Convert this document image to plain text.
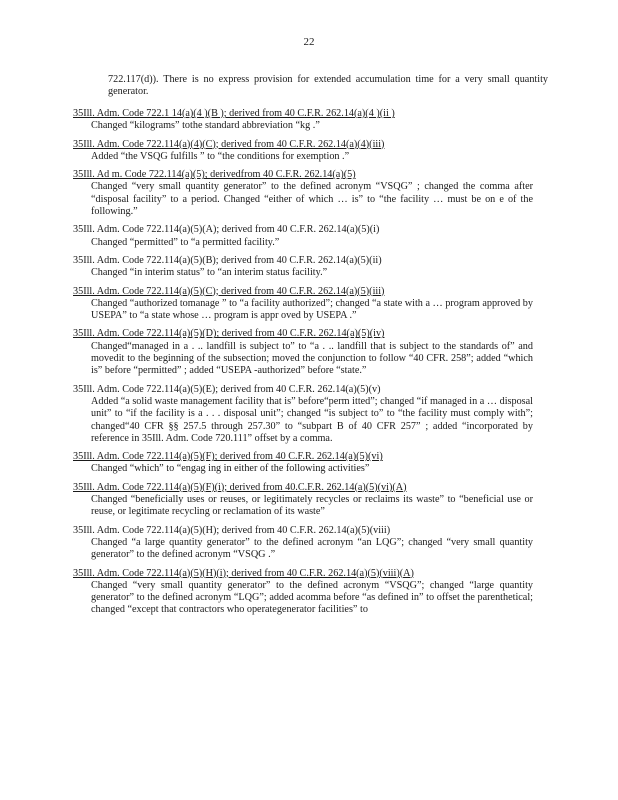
22
722.117(d)). There is no express provision for extended accumulation time for a very small quantity generator.
35Ill. Adm. Code 722.1 14(a)(4 )(B ); derived from 40 C.F.R. 262.14(a)(4 )(ii )
Changed “kilograms” tothe standard abbreviation “kg .”
35Ill. Adm. Code 722.114(a)(4)(C); derived from 40 C.F.R. 262.14(a)(4)(iii)
Added “the VSQG fulfills ” to “the conditions for exemption .”
35Ill. Ad m. Code 722.114(a)(5); derivedfrom 40 C.F.R. 262.14(a)(5)
Changed “very small quantity generator” to the defined acronym “VSQG” ; changed the comma after “disposal facility” to a period. Changed “either of which … is” to “the facility … must be on e of the following.”
35Ill. Adm. Code 722.114(a)(5)(A); derived from 40 C.F.R. 262.14(a)(5)(i)
Changed “permitted” to “a permitted facility.”
35Ill. Adm. Code 722.114(a)(5)(B); derived from 40 C.F.R. 262.14(a)(5)(ii)
Changed “in interim status” to “an interim status facility.”
35Ill. Adm. Code 722.114(a)(5)(C); derived from 40 C.F.R. 262.14(a)(5)(iii)
Changed “authorized tomanage ” to “a facility authorized”; changed “a state with a … program approved by USEPA” to “a state whose … program is appr oved by USEPA .”
35Ill. Adm. Code 722.114(a)(5)(D); derived from 40 C.F.R. 262.14(a)(5)(iv)
Changed“managed in a . .. landfill is subject to” to “a . .. landfill that is subject to the standards of” and movedit to the beginning of the subsection; moved the conjunction to follow “40 CFR. 258”; added “which is” before “permitted” ; added “USEPA -authorized” before “state.”
35Ill. Adm. Code 722.114(a)(5)(E); derived from 40 C.F.R. 262.14(a)(5)(v)
Added “a solid waste management facility that is” before“perm itted”; changed “if managed in a … disposal unit” to “if the facility is a . . . disposal unit”; changed “is subject to” to “the facility must comply with”; changed“40 CFR §§ 257.5 through 257.30” to “subpart B of 40 CFR 257” ; added “incorporated by reference in 35Ill. Adm. Code 720.111” offset by a comma.
35Ill. Adm. Code 722.114(a)(5)(F); derived from 40 C.F.R. 262.14(a)(5)(vi)
Changed “which” to “engag ing in either of the following activities”
35Ill. Adm. Code 722.114(a)(5)(F)(i); derived from 40.C.F.R. 262.14(a)(5)(vi)(A)
Changed “beneficially uses or reuses, or legitimately recycles or reclaims its waste” to “beneficial use or reuse, or legitimate recycling or reclamation of its waste”
35Ill. Adm. Code 722.114(a)(5)(H); derived from 40 C.F.R. 262.14(a)(5)(viii)
Changed “a large quantity generator” to the defined acronym “an LQG”; changed “very small quantity generator” to the defined acronym “VSQG .”
35Ill. Adm. Code 722.114(a)(5)(H)(i); derived from 40 C.F.R. 262.14(a)(5)(viii)(A)
Changed “very small quantity generator” to the defined acronym “VSQG”; changed “large quantity generator” to the defined acronym “LQG”; added acomma before “as defined in” to offset the parenthetical; changed “except that contractors who operategenerator facilities” to
